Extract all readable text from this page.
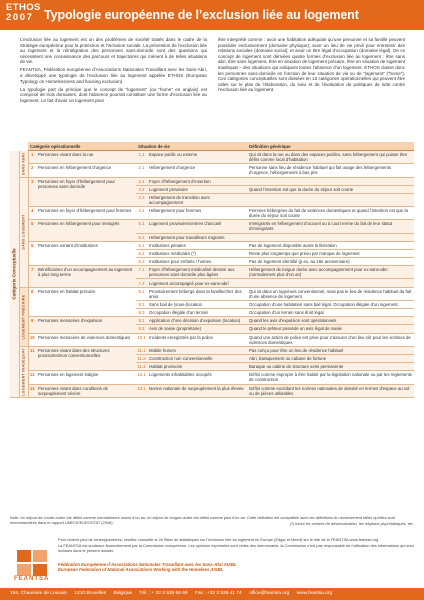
ETHOS
2007 Typologie européenne de l’exclusion liée au logement

L’exclusion liée au logement est un des problèmes de société traités dans le cadre de la Stratégie européenne pour la protection et l’inclusion sociale. La prévention de l’exclusion liée au logement et la réintégration des personnes sans-domicile sont des questions qui nécessitent une connaissance des parcours et trajectoires qui mènent à de telles situations de vie.

FEANTSA, Fédération européenne d’Associations Nationales Travaillant avec les Sans-Abri, a développé une typologie de l’exclusion liée au logement appelée ETHOS (European Typology on Homelessness and housing exclusion).

La typologie part du principe que le concept de “logement” (ou “home” en anglais) est composé de trois domaines, dont l’absence pourrait constituer une forme d’exclusion liée au logement. Le fait d’avoir un logement peut

être interprété comme : avoir une habitation adéquate qu’une personne et sa famille peuvent posséder exclusivement (domaine physique); avoir un lieu de vie privé pour entretenir des relations sociales (domaine social); et avoir un titre légal d’occupation (domaine légal). De ce concept de logement sont dérivées quatre formes d’exclusion liée au logement : être sans abri, être sans logement, être en situation de logement précaire, être en situation de logement inadéquat – des situations qui indiquent toutes l’absence d’un logement. ETHOS classe donc les personnes sans-domicile en fonction de leur situation de vie ou de “logement” (“home”). Ces catégories conceptuelles sont divisées en 13 catégories opérationnelles qui peuvent être utiles sur le plan de l’élaboration, du suivi et de l’évaluation de politiques de lutte contre l’exclusion liée au logement.

		Catégorie opérationnelle		Situation de vie		Définition générique

Catégorie Conceptuelle	SANS ABRI	1	Personnes vivant dans la rue	1.1	Espace public ou externe	Qui vit dans la rue ou dans des espaces publics, sans hébergement qui puisse être défini comme local d’habitation
		2	Personnes en hébergement d’urgence	2.1	Hébergement d’urgence	Personne sans lieu de résidence habituel qui fait usage des hébergements d’urgence, hébergements à bas prix

	SANS LOGEMENT	3	Personnes en foyer d’hébergement pour personnes sans domicile	3.1	Foyer d’hébergement d’insertion	
				3.2	Logement provisoire	Quand l’intention est que la durée du séjour soit courte
				3.3	Hébergement de transition avec accompagnement	
		4	Personnes en foyer d’hébergement pour femmes	4.1	Hébergement pour femmes	Femmes hébergées du fait de violences domestiques et quand l’intention est que la durée du séjour soit courte
		5	Personnes en hébergement pour immigrés	5.1	Logement provisoire/centres d’accueil	Immigrants en hébergement d’accueil ou à court terme du fait de leur statut d’immigrants
				5.2	Hébergement pour travailleurs migrants	
		6	Personnes sortant d’institutions	6.1	Institutions pénales	Pas de logement disponible avant la libération
				6.2	Institutions médicales (*)	Reste plus longtemps que prévu par manque de logement
				6.3	Institutions pour enfants / homes	Pas de logement identifié (p.ex. au 18e anniversaire)
		7	Bénéficiaires d’un accompagnement au logement à plus long terme	7.1	Foyer d’hébergement médicalisé destiné aux personnes sans domicile plus âgées	Hébergement de longue durée avec accompagnement pour ex-sans-abri (normalement plus d’un an)
				7.2	Logement accompagné pour ex-sans-abri	

	LOGEMENT PRÉCAIRE	8	Personnes en habitat précaire	8.1	Provisoirement hébergé dans la famille/chez des amis	Qui vit dans un logement conventionnel, mais pas le lieu de résidence habituel du fait d’une absence de logement
				8.2	Sans bail de (sous-)location	Occupation d’une habitation sans bail légal. Occupation illégale d’un logement.
				8.3	Occupation illégale d’un terrain	Occupation d’un terrain sans droit légal
		9	Personnes menacées d’expulsion	9.1	Application d’une décision d’expulsion (location)	Quand les avis d’expulsion sont opérationnels
				9.2	Avis de saisie (propriétaire)	Quand le prêteur possède un avis légal de saisie
		10	Personnes menacées de violences domestiques	10.1	Incidents enregistrés par la police	Quand une action de police est prise pour s’assurer d’un lieu sûr pour les victimes de violences domestiques

	LOGEMENT INADÉQUAT	11	Personnes vivant dans des structures provisoires/non conventionnelles	11.1	Mobile homes	Pas conçu pour être un lieu de résidence habituel
				11.2	Construction non conventionnelle	Abri, baraquement ou cabane de fortune
				11.3	Habitat provisoire	Baraque ou cabine de structure semi permanente
		12	Personnes en logement indigne	12.1	Logements inhabitables occupés	Défini comme impropre à être habité par la législation nationale ou par les règlements de construction
		13	Personnes vivant dans conditions de surpeuplement sévère	13.1	Norme nationale de surpeuplement la plus élevée	Défini comme excédant les normes nationales de densité en termes d’espace au sol ou de pièces utilisables
Note: Un séjour de courte durée est défini comme normalement moins d’un an; un séjour de longue durée est défini comme plus d’un an. Cette définition est compatible avec les définitions du recensement telles qu’elles sont recommandées dans le rapport UNECE/EUROSTAT (2006).	(*) Inclut les centres de désintoxication, les hôpitaux psychiatriques, etc.
FEANTSA

Pour obtenir plus de renseignements, veuillez consulter le 2e Bilan de statistiques sur l’exclusion liée au logement en Europe (Edgar et Meert) sur le site de la FEANTSA www.feantsa.org

La FEANTSA est soutenue financièrement par la Commission européenne. Les opinions exprimées sont celles des intervenants, la Commission n’est pas responsable de l’utilisation des informations qui sont incluses dans le présent dossier.

Fédération Européenne d’Associations Nationales Travaillant avec les Sans-Abri AISBL
European Federation of National Associations Working with the Homeless AISBL
194, Chaussée de Louvain 1210 Bruxelles Belgique Tél. : + 32 2 538 66 69 Fax : +32 2 539 41 74 office@feantsa.org www.feantsa.org
